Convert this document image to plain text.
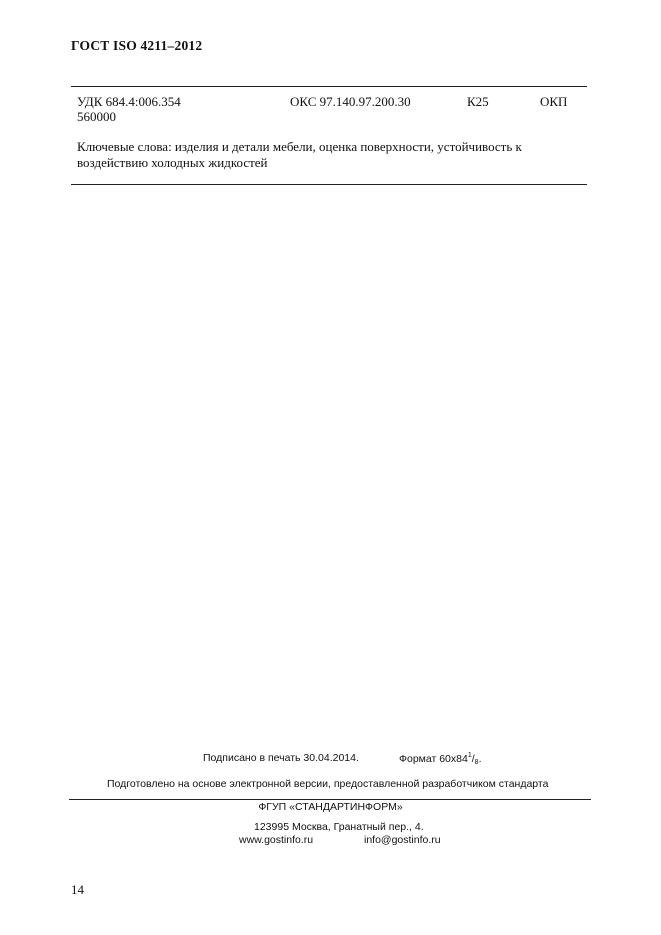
ГОСТ ISO 4211–2012
УДК 684.4:006.354
560000
ОКС 97.140.97.200.30	К25	ОКП
Ключевые слова: изделия и детали мебели, оценка поверхности, устойчивость к
воздействию холодных жидкостей
Подписано в печать 30.04.2014.	Формат $60x84^1/_8$.
Подготовлено на основе электронной версии, предоставленной разработчиком стандарта
ФГУП «СТАНДАРТИНФОРМ»
123995 Москва, Гранатный пер., 4.
www.gostinfo.ru	info@gostinfo.ru
14
